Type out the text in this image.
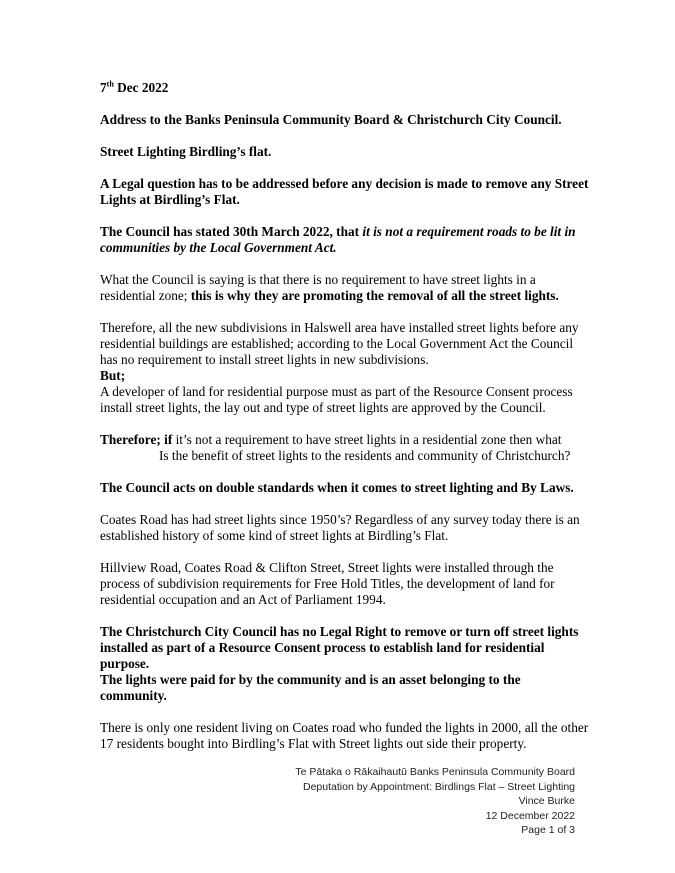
7th Dec 2022

Address to the Banks Peninsula Community Board & Christchurch City Council.

Street Lighting Birdling’s flat.

A Legal question has to be addressed before any decision is made to remove any Street Lights at Birdling’s Flat.

The Council has stated 30th March 2022, that it is not a requirement roads to be lit in communities by the Local Government Act.

What the Council is saying is that there is no requirement to have street lights in a residential zone; this is why they are promoting the removal of all the street lights.

Therefore, all the new subdivisions in Halswell area have installed street lights before any residential buildings are established; according to the Local Government Act the Council has no requirement to install street lights in new subdivisions.

But;

A developer of land for residential purpose must as part of the Resource Consent process install street lights, the lay out and type of street lights are approved by the Council.

Therefore; if it’s not a requirement to have street lights in a residential zone then what

Is the benefit of street lights to the residents and community of Christchurch?

The Council acts on double standards when it comes to street lighting and By Laws.

Coates Road has had street lights since 1950’s? Regardless of any survey today there is an established history of some kind of street lights at Birdling’s Flat.

Hillview Road, Coates Road & Clifton Street, Street lights were installed through the process of subdivision requirements for Free Hold Titles, the development of land for residential occupation and an Act of Parliament 1994.

The Christchurch City Council has no Legal Right to remove or turn off street lights installed as part of a Resource Consent process to establish land for residential purpose.

The lights were paid for by the community and is an asset belonging to the community.

There is only one resident living on Coates road who funded the lights in 2000, all the other 17 residents bought into Birdling’s Flat with Street lights out side their property.

Te Pātaka o Rākaihautū Banks Peninsula Community Board
Deputation by Appointment: Birdlings Flat – Street Lighting
Vince Burke
12 December 2022
Page 1 of 3
